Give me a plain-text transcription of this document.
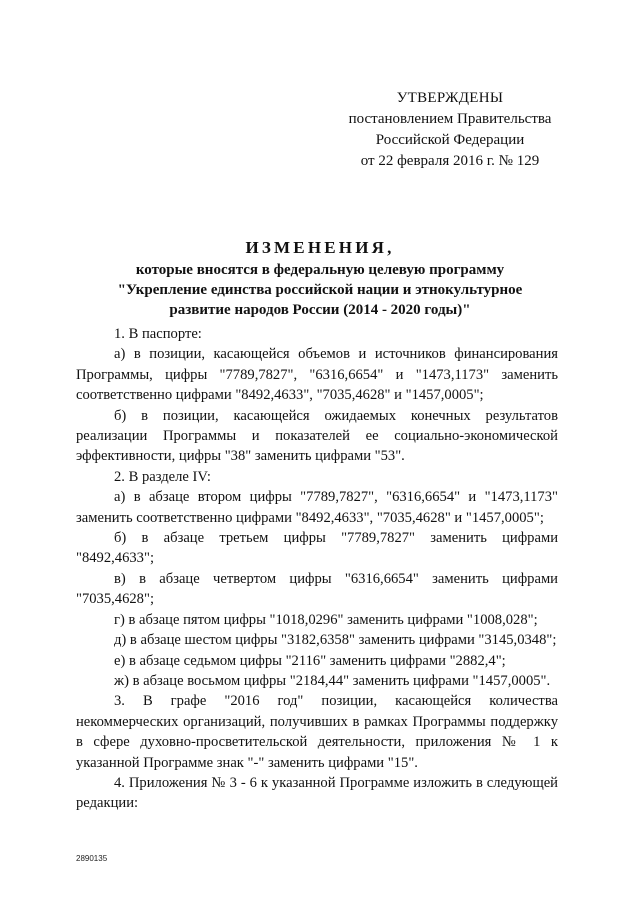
УТВЕРЖДЕНЫ
постановлением Правительства
Российской Федерации
от 22 февраля 2016 г. № 129
ИЗМЕНЕНИЯ,
которые вносятся в федеральную целевую программу
"Укрепление единства российской нации и этнокультурное
развитие народов России (2014 - 2020 годы)"

1. В паспорте:

а) в позиции, касающейся объемов и источников финансирования Программы, цифры "7789,7827", "6316,6654" и "1473,1173" заменить соответственно цифрами "8492,4633", "7035,4628" и "1457,0005";

б) в позиции, касающейся ожидаемых конечных результатов реализации Программы и показателей ее социально-экономической эффективности, цифры "38" заменить цифрами "53".

2. В разделе IV:

а) в абзаце втором цифры "7789,7827", "6316,6654" и "1473,1173" заменить соответственно цифрами "8492,4633", "7035,4628" и "1457,0005";

б) в абзаце третьем цифры "7789,7827" заменить цифрами "8492,4633";

в) в абзаце четвертом цифры "6316,6654" заменить цифрами "7035,4628";

г) в абзаце пятом цифры "1018,0296" заменить цифрами "1008,028";

д) в абзаце шестом цифры "3182,6358" заменить цифрами "3145,0348";

е) в абзаце седьмом цифры "2116" заменить цифрами "2882,4";

ж) в абзаце восьмом цифры "2184,44" заменить цифрами "1457,0005".

3. В графе "2016 год" позиции, касающейся количества некоммерческих организаций, получивших в рамках Программы поддержку в сфере духовно-просветительской деятельности, приложения № 1 к указанной Программе знак "-" заменить цифрами "15".

4. Приложения № 3 - 6 к указанной Программе изложить в следующей редакции:

2890135
